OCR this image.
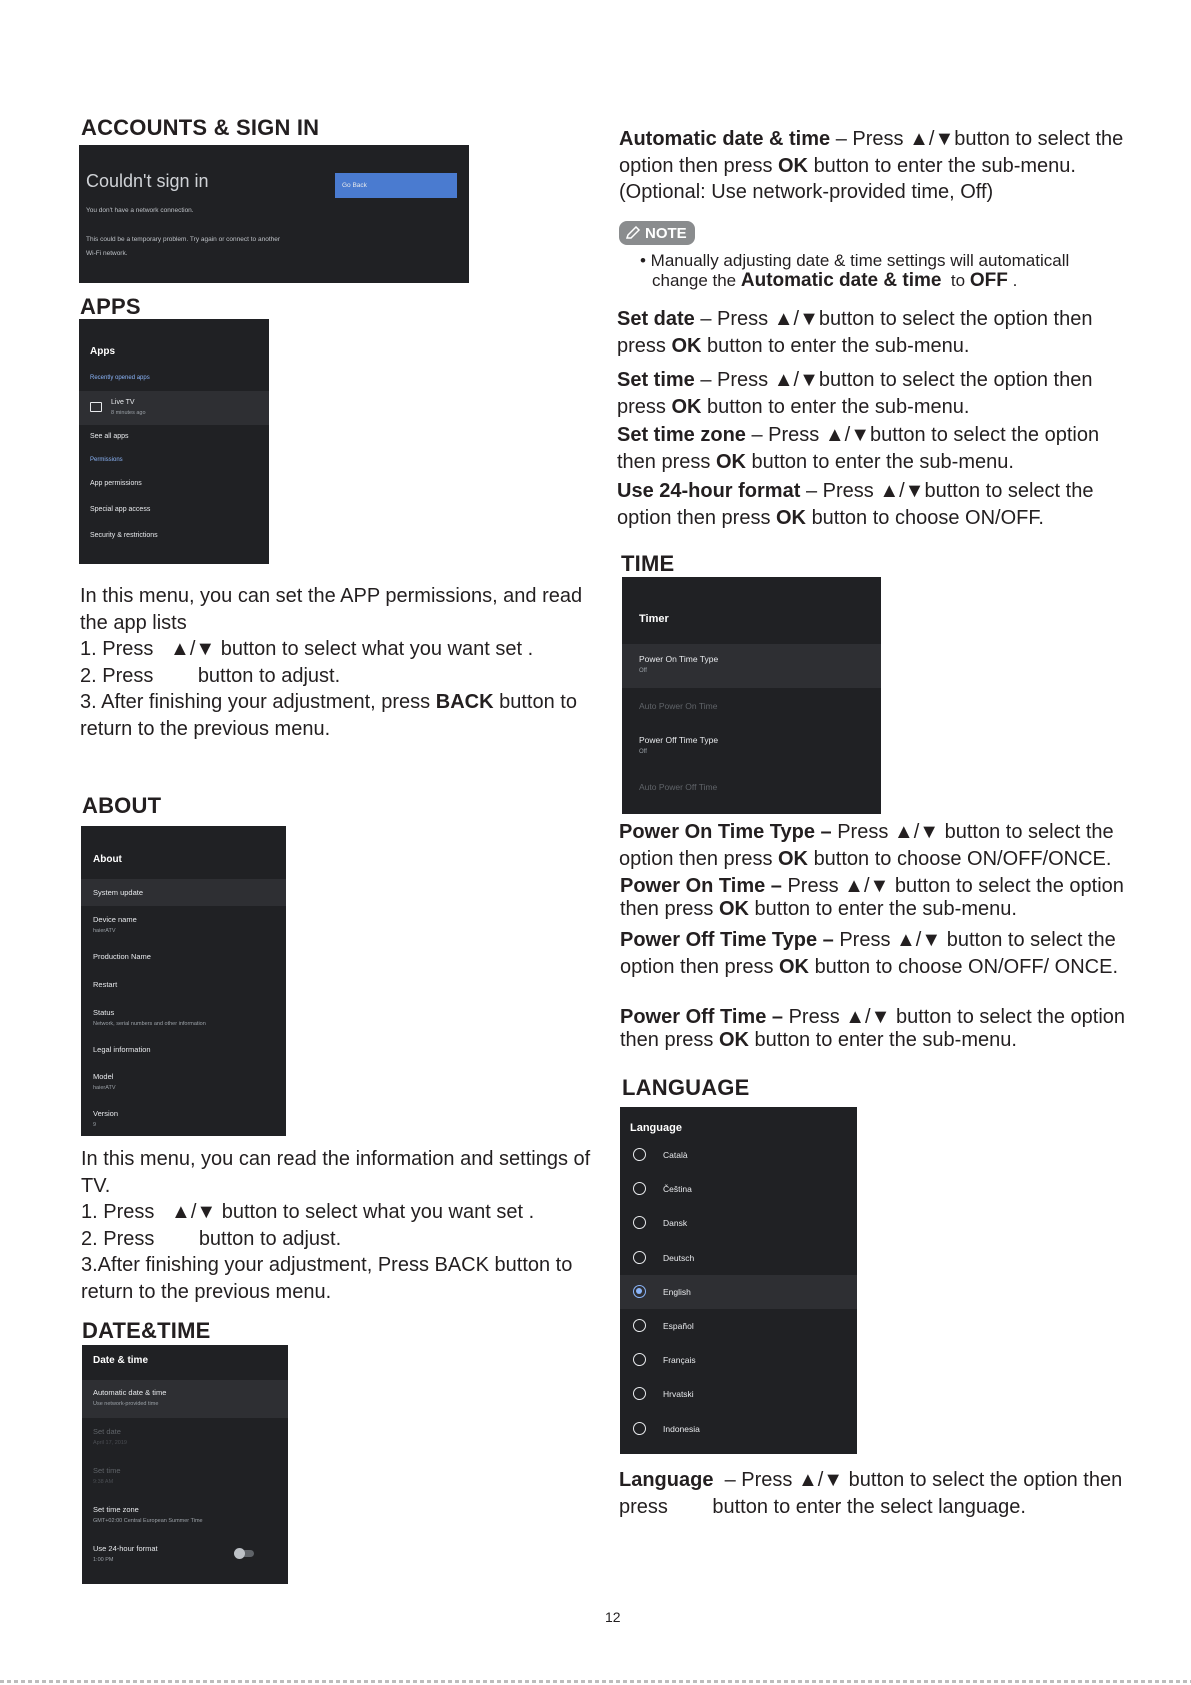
ACCOUNTS & SIGN IN
Couldn't sign in
You don't have a network connection.
This could be a temporary problem. Try again or connect to another
Wi-Fi network.
Go Back
APPS
Apps
Recently opened apps
Live TV
8 minutes ago
See all apps
Permissions
App permissions
Special app access
Security & restrictions
In this menu, you can set the APP permissions, and read the app lists
1. Press ▲/▼ button to select what you want set .
2. Press button to adjust.
3. After finishing your adjustment, press BACK button to return to the previous menu.
ABOUT
About
System update
Device name
haierATV
Production Name
Restart
Status
Network, serial numbers and other information
Legal information
Model
haierATV
Version
9
In this menu, you can read the information and settings of TV.
1. Press ▲/▼ button to select what you want set .
2. Press button to adjust.
3.After finishing your adjustment, Press BACK button to return to the previous menu.
DATE&TIME
Date & time
Automatic date & time
Use network-provided time
Set date
April 17, 2019
Set time
9:38 AM
Set time zone
GMT+02:00 Central European Summer Time
Use 24-hour format
1:00 PM
Automatic date & time – Press ▲/▼button to select the option then press OK button to enter the sub-menu.
(Optional: Use network-provided time, Off)
NOTE
• Manually adjusting date & time settings will automaticall
change the Automatic date & time to OFF .
Set date – Press ▲/▼button to select the option then press OK button to enter the sub-menu.
Set time – Press ▲/▼button to select the option then press OK button to enter the sub-menu.
Set time zone – Press ▲/▼button to select the option then press OK button to enter the sub-menu.
Use 24-hour format – Press ▲/▼button to select the option then press OK button to choose ON/OFF.
TIME
Timer
Power On Time Type
Off
Auto Power On Time
Power Off Time Type
Off
Auto Power Off Time
Power On Time Type – Press ▲/▼ button to select the option then press OK button to choose ON/OFF/ONCE.
Power On Time – Press ▲/▼ button to select the option then press OK button to enter the sub-menu.
Power Off Time Type – Press ▲/▼ button to select the option then press OK button to choose ON/OFF/ ONCE.
Power Off Time – Press ▲/▼ button to select the option then press OK button to enter the sub-menu.
LANGUAGE
Language
Català
Čeština
Dansk
Deutsch
English
Español
Français
Hrvatski
Indonesia
Language – Press ▲/▼ button to select the option then press button to enter the select language.
12
